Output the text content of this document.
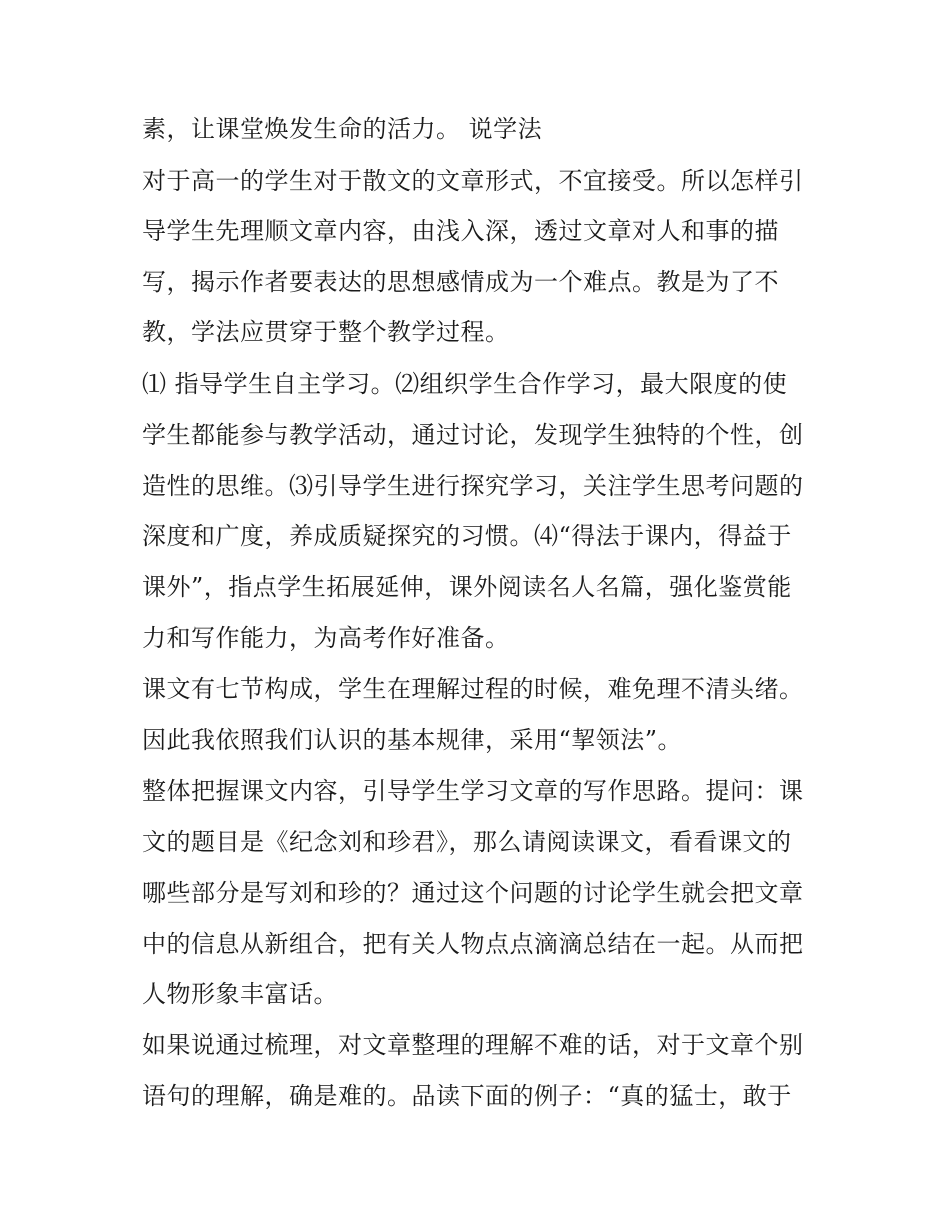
素，让课堂焕发生命的活力。 说学法
对于高一的学生对于散文的文章形式，不宜接受。所以怎样引
导学生先理顺文章内容，由浅入深，透过文章对人和事的描
写，揭示作者要表达的思想感情成为一个难点。教是为了不
教，学法应贯穿于整个教学过程。
⑴ 指导学生自主学习。⑵组织学生合作学习，最大限度的使
学生都能参与教学活动，通过讨论，发现学生独特的个性，创
造性的思维。⑶引导学生进行探究学习，关注学生思考问题的
深度和广度，养成质疑探究的习惯。⑷“得法于课内，得益于
课外”，指点学生拓展延伸，课外阅读名人名篇，强化鉴赏能
力和写作能力，为高考作好准备。
课文有七节构成，学生在理解过程的时候，难免理不清头绪。
因此我依照我们认识的基本规律，采用“挈领法”。
整体把握课文内容，引导学生学习文章的写作思路。提问：课
文的题目是《纪念刘和珍君》，那么请阅读课文，看看课文的
哪些部分是写刘和珍的？通过这个问题的讨论学生就会把文章
中的信息从新组合，把有关人物点点滴滴总结在一起。从而把
人物形象丰富话。
如果说通过梳理，对文章整理的理解不难的话，对于文章个别
语句的理解，确是难的。品读下面的例子：“真的猛士，敢于
